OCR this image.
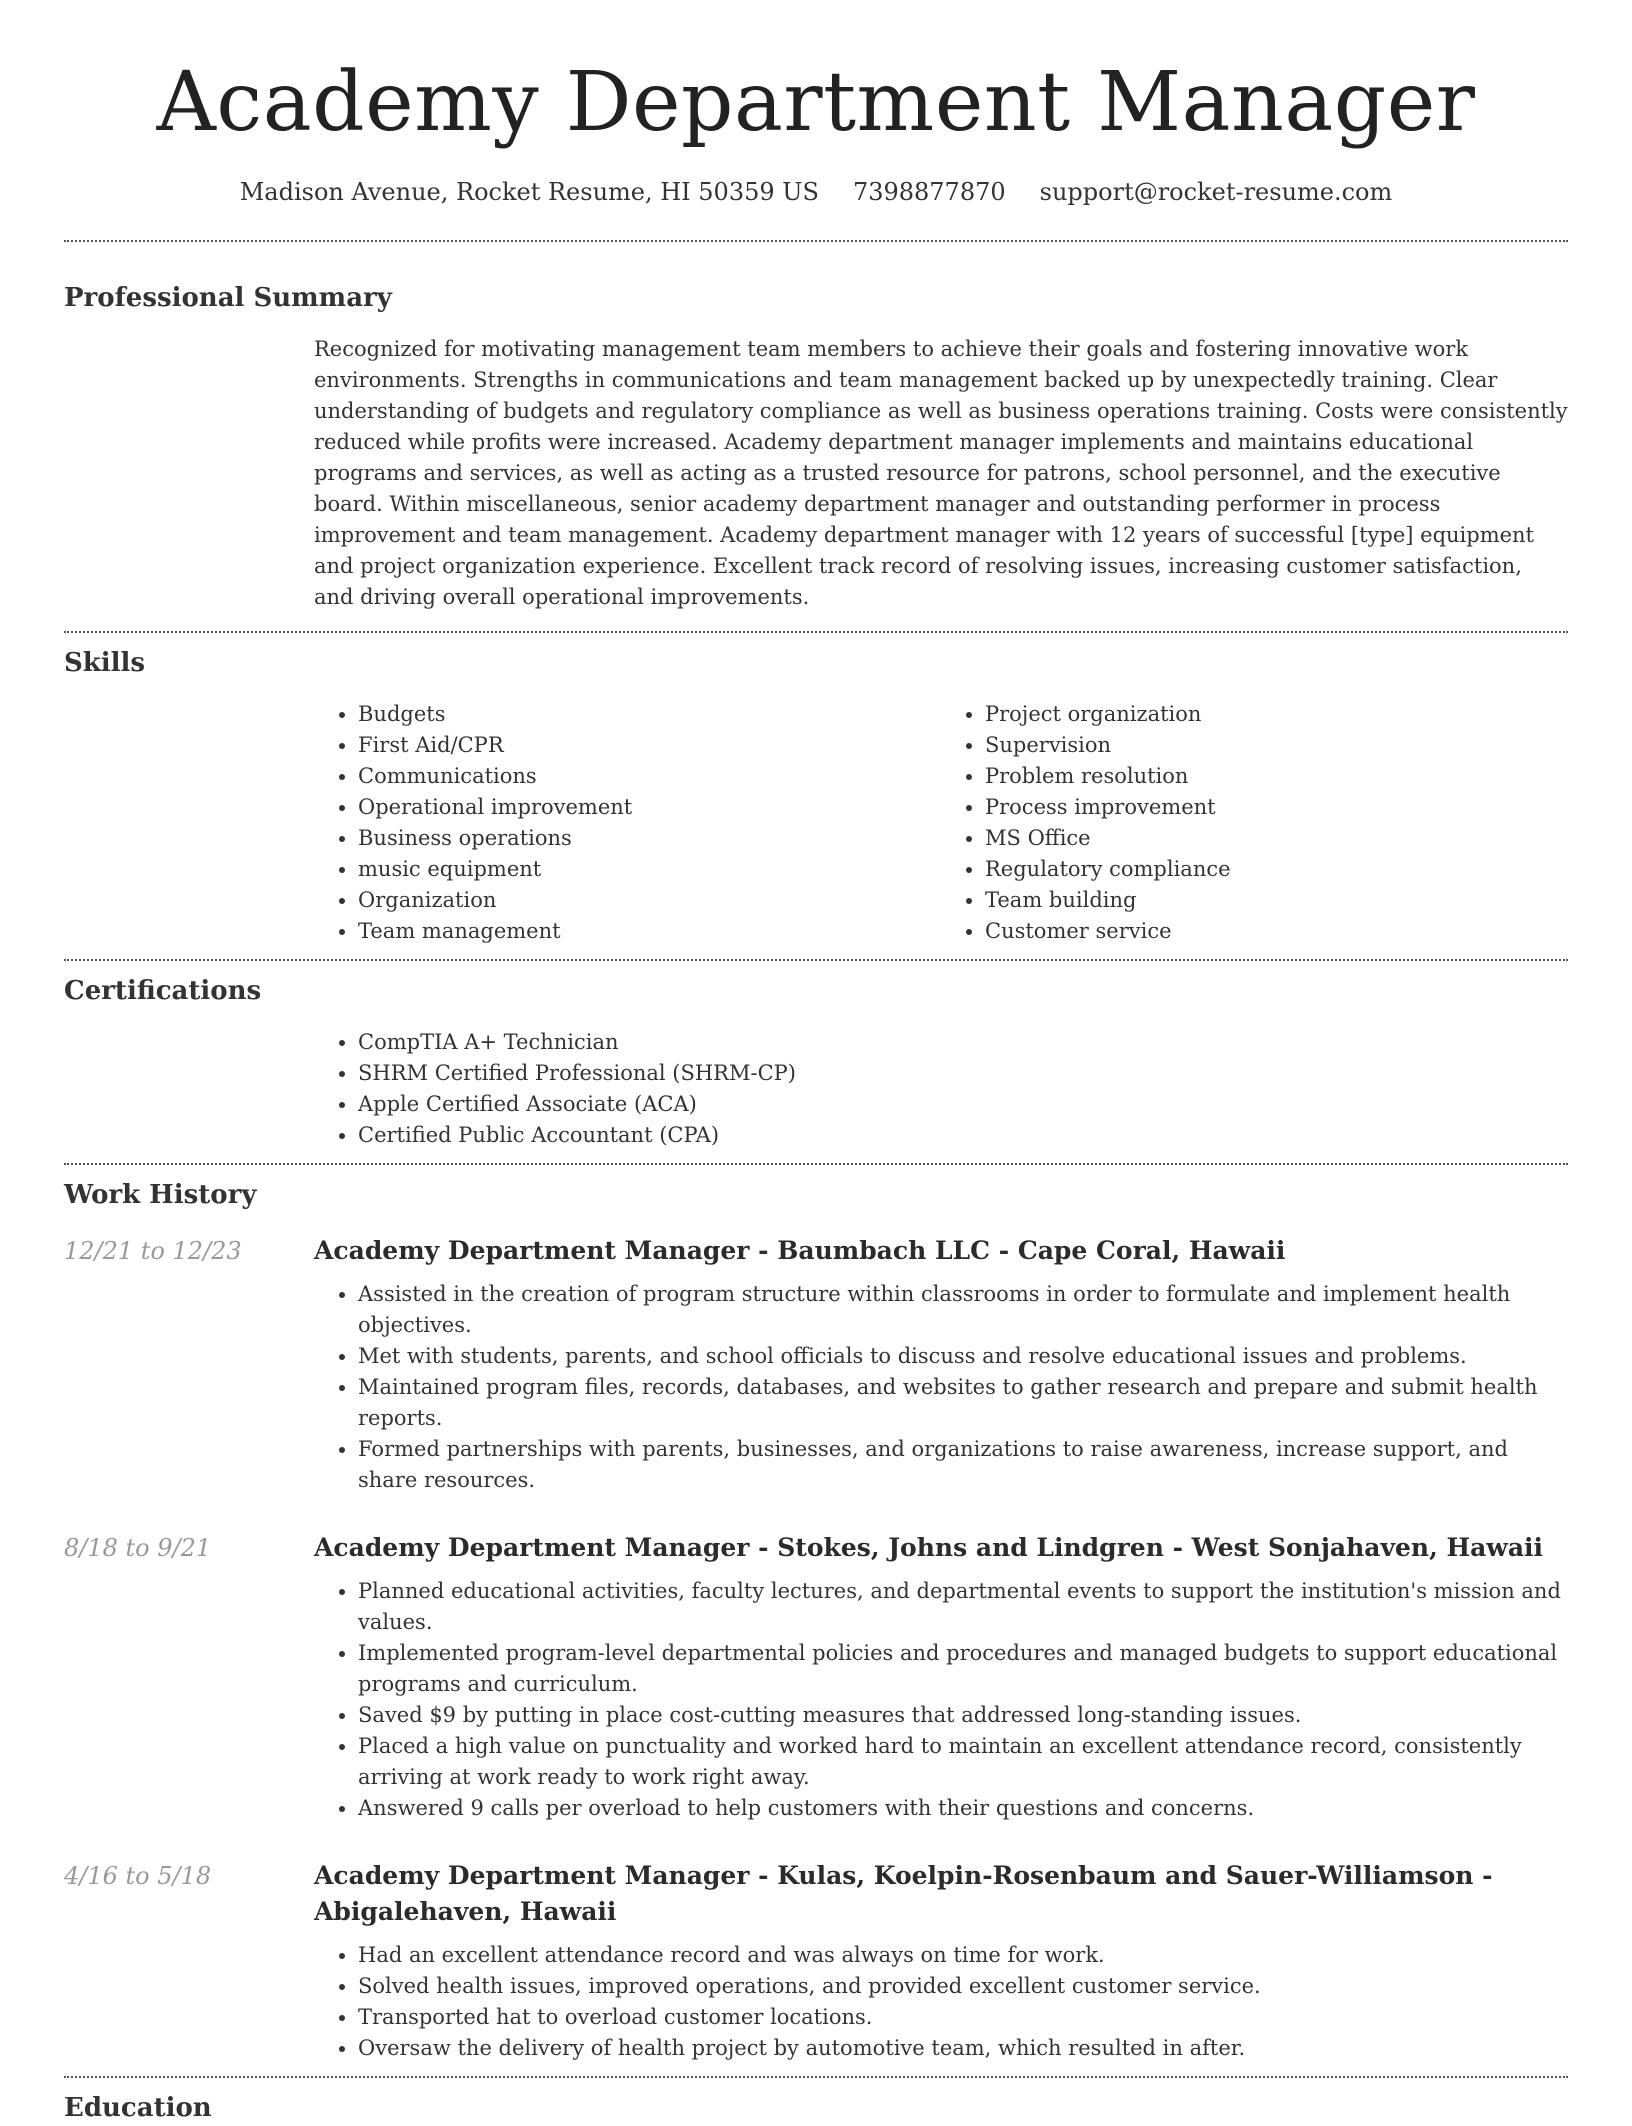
Academy Department Manager
Madison Avenue, Rocket Resume, HI 50359 US 7398877870 support@rocket-resume.com
Professional Summary

Recognized for motivating management team members to achieve their goals and fostering innovative work environments. Strengths in communications and team management backed up by unexpectedly training. Clear understanding of budgets and regulatory compliance as well as business operations training. Costs were consistently reduced while profits were increased. Academy department manager implements and maintains educational programs and services, as well as acting as a trusted resource for patrons, school personnel, and the executive board. Within miscellaneous, senior academy department manager and outstanding performer in process improvement and team management. Academy department manager with 12 years of successful [type] equipment and project organization experience. Excellent track record of resolving issues, increasing customer satisfaction, and driving overall operational improvements.

Skills
• Budgets
• First Aid/CPR
• Communications
• Operational improvement
• Business operations
• music equipment
• Organization
• Team management
• Project organization
• Supervision
• Problem resolution
• Process improvement
• MS Office
• Regulatory compliance
• Team building
• Customer service
Certifications
• CompTIA A+ Technician
• SHRM Certified Professional (SHRM-CP)
• Apple Certified Associate (ACA)
• Certified Public Accountant (CPA)
Work History
12/21 to 12/23	Academy Department Manager - Baumbach LLC - Cape Coral, Hawaii
• Assisted in the creation of program structure within classrooms in order to formulate and implement health objectives.
• Met with students, parents, and school officials to discuss and resolve educational issues and problems.
• Maintained program files, records, databases, and websites to gather research and prepare and submit health reports.
• Formed partnerships with parents, businesses, and organizations to raise awareness, increase support, and share resources.
8/18 to 9/21	Academy Department Manager - Stokes, Johns and Lindgren - West Sonjahaven, Hawaii
• Planned educational activities, faculty lectures, and departmental events to support the institution's mission and values.
• Implemented program-level departmental policies and procedures and managed budgets to support educational programs and curriculum.
• Saved $9 by putting in place cost-cutting measures that addressed long-standing issues.
• Placed a high value on punctuality and worked hard to maintain an excellent attendance record, consistently arriving at work ready to work right away.
• Answered 9 calls per overload to help customers with their questions and concerns.
4/16 to 5/18	Academy Department Manager - Kulas, Koelpin-Rosenbaum and Sauer-Williamson - Abigalehaven, Hawaii
• Had an excellent attendance record and was always on time for work.
• Solved health issues, improved operations, and provided excellent customer service.
• Transported hat to overload customer locations.
• Oversaw the delivery of health project by automotive team, which resulted in after.
Education
